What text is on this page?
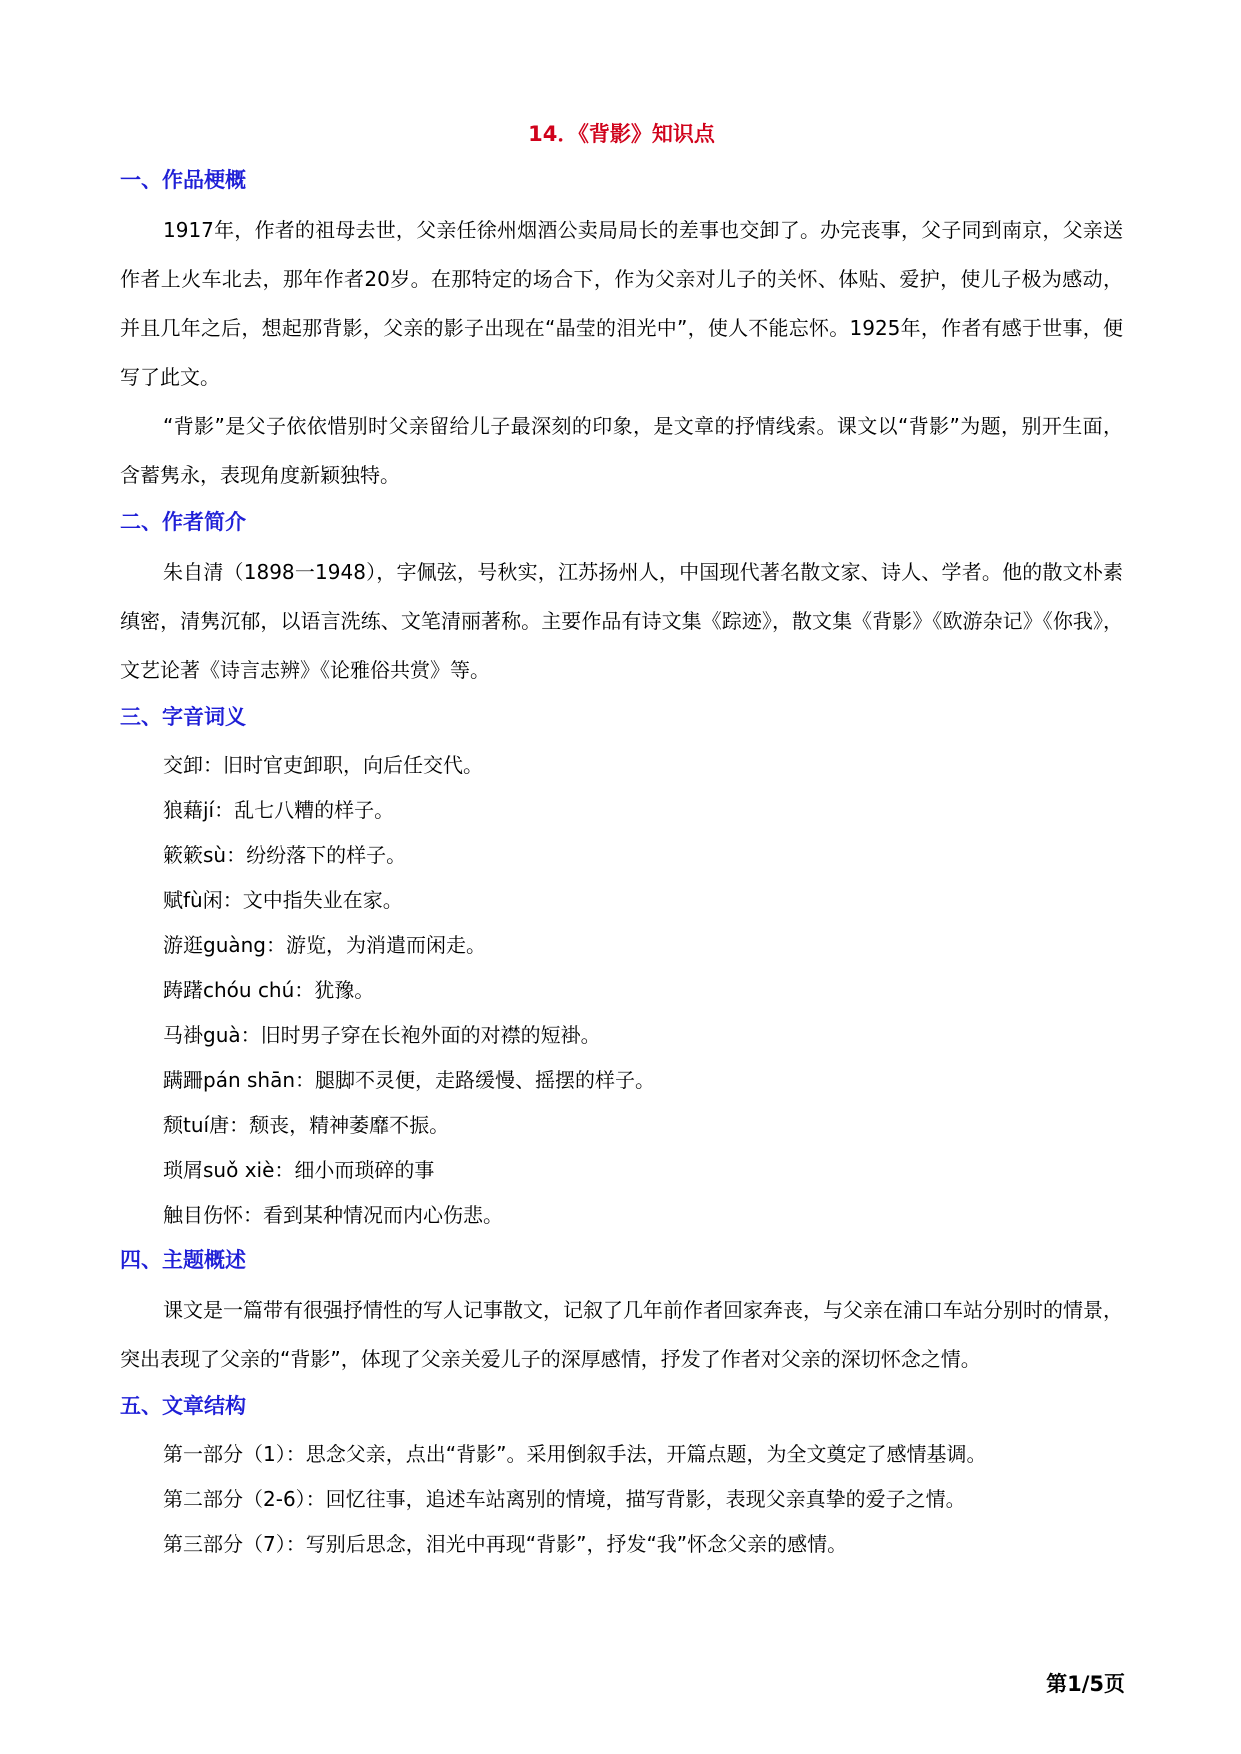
14．《背影》知识点
一、作品梗概

1917年，作者的祖母去世，父亲任徐州烟酒公卖局局长的差事也交卸了。办完丧事，父子同到南京，父亲送作者上火车北去，那年作者20岁。在那特定的场合下，作为父亲对儿子的关怀、体贴、爱护，使儿子极为感动，并且几年之后，想起那背影，父亲的影子出现在“晶莹的泪光中”，使人不能忘怀。1925年，作者有感于世事，便写了此文。

“背影”是父子依依惜别时父亲留给儿子最深刻的印象，是文章的抒情线索。课文以“背影”为题，别开生面，含蓄隽永，表现角度新颖独特。

二、作者简介

朱自清（1898一1948），字佩弦，号秋实，江苏扬州人，中国现代著名散文家、诗人、学者。他的散文朴素缜密，清隽沉郁，以语言洗练、文笔清丽著称。主要作品有诗文集《踪迹》，散文集《背影》《欧游杂记》《你我》，文艺论著《诗言志辨》《论雅俗共赏》等。

三、字音词义

交卸：旧时官吏卸职，向后任交代。

狼藉jí：乱七八糟的样子。

簌簌sù：纷纷落下的样子。

赋fù闲：文中指失业在家。

游逛guàng：游览，为消遣而闲走。

踌躇chóu chú：犹豫。

马褂guà：旧时男子穿在长袍外面的对襟的短褂。

蹒跚pán shān：腿脚不灵便，走路缓慢、摇摆的样子。

颓tuí唐：颓丧，精神萎靡不振。

琐屑suǒ xiè：细小而琐碎的事

触目伤怀：看到某种情况而内心伤悲。

四、主题概述

课文是一篇带有很强抒情性的写人记事散文，记叙了几年前作者回家奔丧，与父亲在浦口车站分别时的情景，突出表现了父亲的“背影”，体现了父亲关爱儿子的深厚感情，抒发了作者对父亲的深切怀念之情。

五、文章结构

第一部分（1）：思念父亲，点出“背影”。采用倒叙手法，开篇点题，为全文奠定了感情基调。

第二部分（2-6）：回忆往事，追述车站离别的情境，描写背影，表现父亲真挚的爱子之情。

第三部分（7）：写别后思念，泪光中再现“背影”，抒发“我”怀念父亲的感情。

第1/5页
